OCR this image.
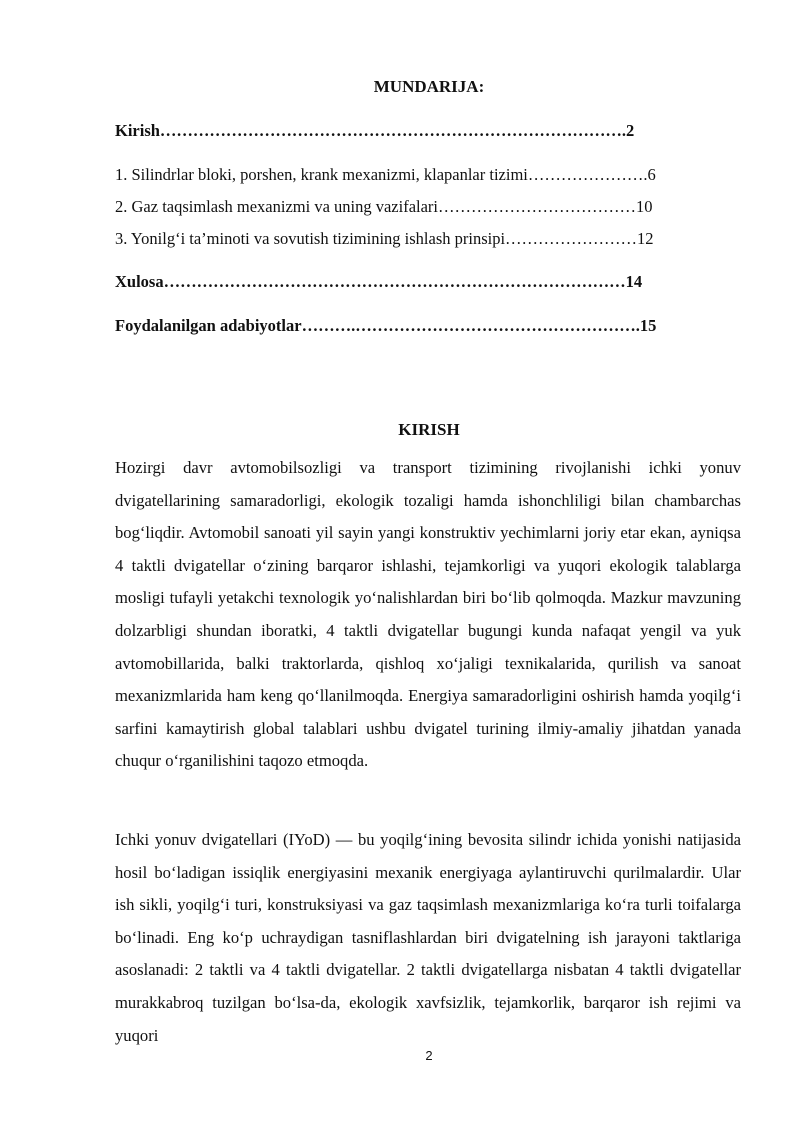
MUNDARIJA:
Kirish………………………………………………………………………….2
1. Silindrlar bloki, porshen, krank mexanizmi, klapanlar tizimi………………….6
2. Gaz taqsimlash mexanizmi va uning vazifalari………………………………10
3. Yonilg‘i ta’minoti va sovutish tizimining ishlash prinsipi……………………12
Xulosa…………………………………………………………………………14
Foydalanilgan adabiyotlar……….…………………………………………….15
KIRISH

Hozirgi davr avtomobilsozligi va transport tizimining rivojlanishi ichki yonuv dvigatellarining samaradorligi, ekologik tozaligi hamda ishonchliligi bilan chambarchas bog‘liqdir. Avtomobil sanoati yil sayin yangi konstruktiv yechimlarni joriy etar ekan, ayniqsa 4 taktli dvigatellar o‘zining barqaror ishlashi, tejamkorligi va yuqori ekologik talablarga mosligi tufayli yetakchi texnologik yo‘nalishlardan biri bo‘lib qolmoqda. Mazkur mavzuning dolzarbligi shundan iboratki, 4 taktli dvigatellar bugungi kunda nafaqat yengil va yuk avtomobillarida, balki traktorlarda, qishloq xo‘jaligi texnikalarida, qurilish va sanoat mexanizmlarida ham keng qo‘llanilmoqda. Energiya samaradorligini oshirish hamda yoqilg‘i sarfini kamaytirish global talablari ushbu dvigatel turining ilmiy-amaliy jihatdan yanada chuqur o‘rganilishini taqozo etmoqda.

Ichki yonuv dvigatellari (IYoD) — bu yoqilg‘ining bevosita silindr ichida yonishi natijasida hosil bo‘ladigan issiqlik energiyasini mexanik energiyaga aylantiruvchi qurilmalardir. Ular ish sikli, yoqilg‘i turi, konstruksiyasi va gaz taqsimlash mexanizmlariga ko‘ra turli toifalarga bo‘linadi. Eng ko‘p uchraydigan tasniflashlardan biri dvigatelning ish jarayoni taktlariga asoslanadi: 2 taktli va 4 taktli dvigatellar. 2 taktli dvigatellarga nisbatan 4 taktli dvigatellar murakkabroq tuzilgan bo‘lsa-da, ekologik xavfsizlik, tejamkorlik, barqaror ish rejimi va yuqori

2
